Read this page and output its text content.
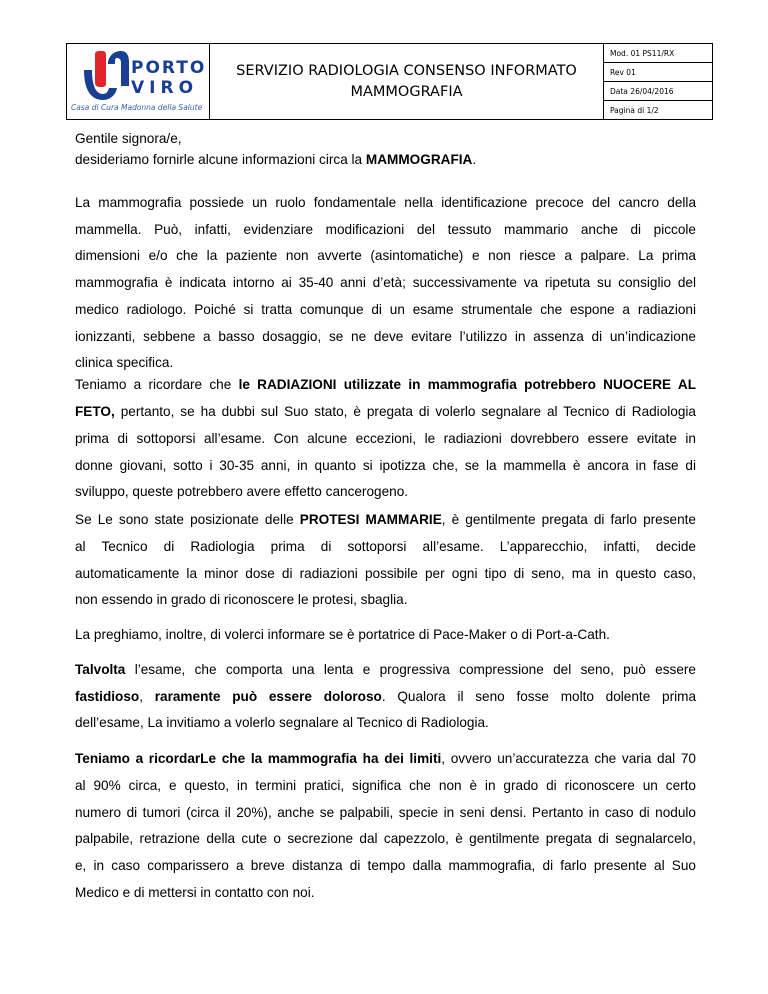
PORTO
VIRO
Casa di Cura Madonna della Salute

SERVIZIO RADIOLOGIA CONSENSO INFORMATO
MAMMOGRAFIA
	Mod. 01 PS11/RX
Rev 01
Data 26/04/2016
Pagina di 1/2
Gentile signora/e,
desideriamo fornirle alcune informazioni circa la MAMMOGRAFIA.
La mammografia possiede un ruolo fondamentale nella identificazione precoce del cancro della
mammella. Può, infatti, evidenziare modificazioni del tessuto mammario anche di piccole
dimensioni e/o che la paziente non avverte (asintomatiche) e non riesce a palpare. La prima
mammografia è indicata intorno ai 35-40 anni d’età; successivamente va ripetuta su consiglio del
medico radiologo. Poiché si tratta comunque di un esame strumentale che espone a radiazioni
ionizzanti, sebbene a basso dosaggio, se ne deve evitare l’utilizzo in assenza di un’indicazione
clinica specifica.
Teniamo a ricordare che le RADIAZIONI utilizzate in mammografia potrebbero NUOCERE AL
FETO, pertanto, se ha dubbi sul Suo stato, è pregata di volerlo segnalare al Tecnico di Radiologia
prima di sottoporsi all’esame. Con alcune eccezioni, le radiazioni dovrebbero essere evitate in
donne giovani, sotto i 30-35 anni, in quanto si ipotizza che, se la mammella è ancora in fase di
sviluppo, queste potrebbero avere effetto cancerogeno.
Se Le sono state posizionate delle PROTESI MAMMARIE, è gentilmente pregata di farlo presente
al Tecnico di Radiologia prima di sottoporsi all’esame. L’apparecchio, infatti, decide
automaticamente la minor dose di radiazioni possibile per ogni tipo di seno, ma in questo caso,
non essendo in grado di riconoscere le protesi, sbaglia.
La preghiamo, inoltre, di volerci informare se è portatrice di Pace-Maker o di Port-a-Cath.
Talvolta l’esame, che comporta una lenta e progressiva compressione del seno, può essere
fastidioso, raramente può essere doloroso. Qualora il seno fosse molto dolente prima
dell’esame, La invitiamo a volerlo segnalare al Tecnico di Radiologia.
Teniamo a ricordarLe che la mammografia ha dei limiti, ovvero un’accuratezza che varia dal 70
al 90% circa, e questo, in termini pratici, significa che non è in grado di riconoscere un certo
numero di tumori (circa il 20%), anche se palpabili, specie in seni densi. Pertanto in caso di nodulo
palpabile, retrazione della cute o secrezione dal capezzolo, è gentilmente pregata di segnalarcelo,
e, in caso comparissero a breve distanza di tempo dalla mammografia, di farlo presente al Suo
Medico e di mettersi in contatto con noi.
